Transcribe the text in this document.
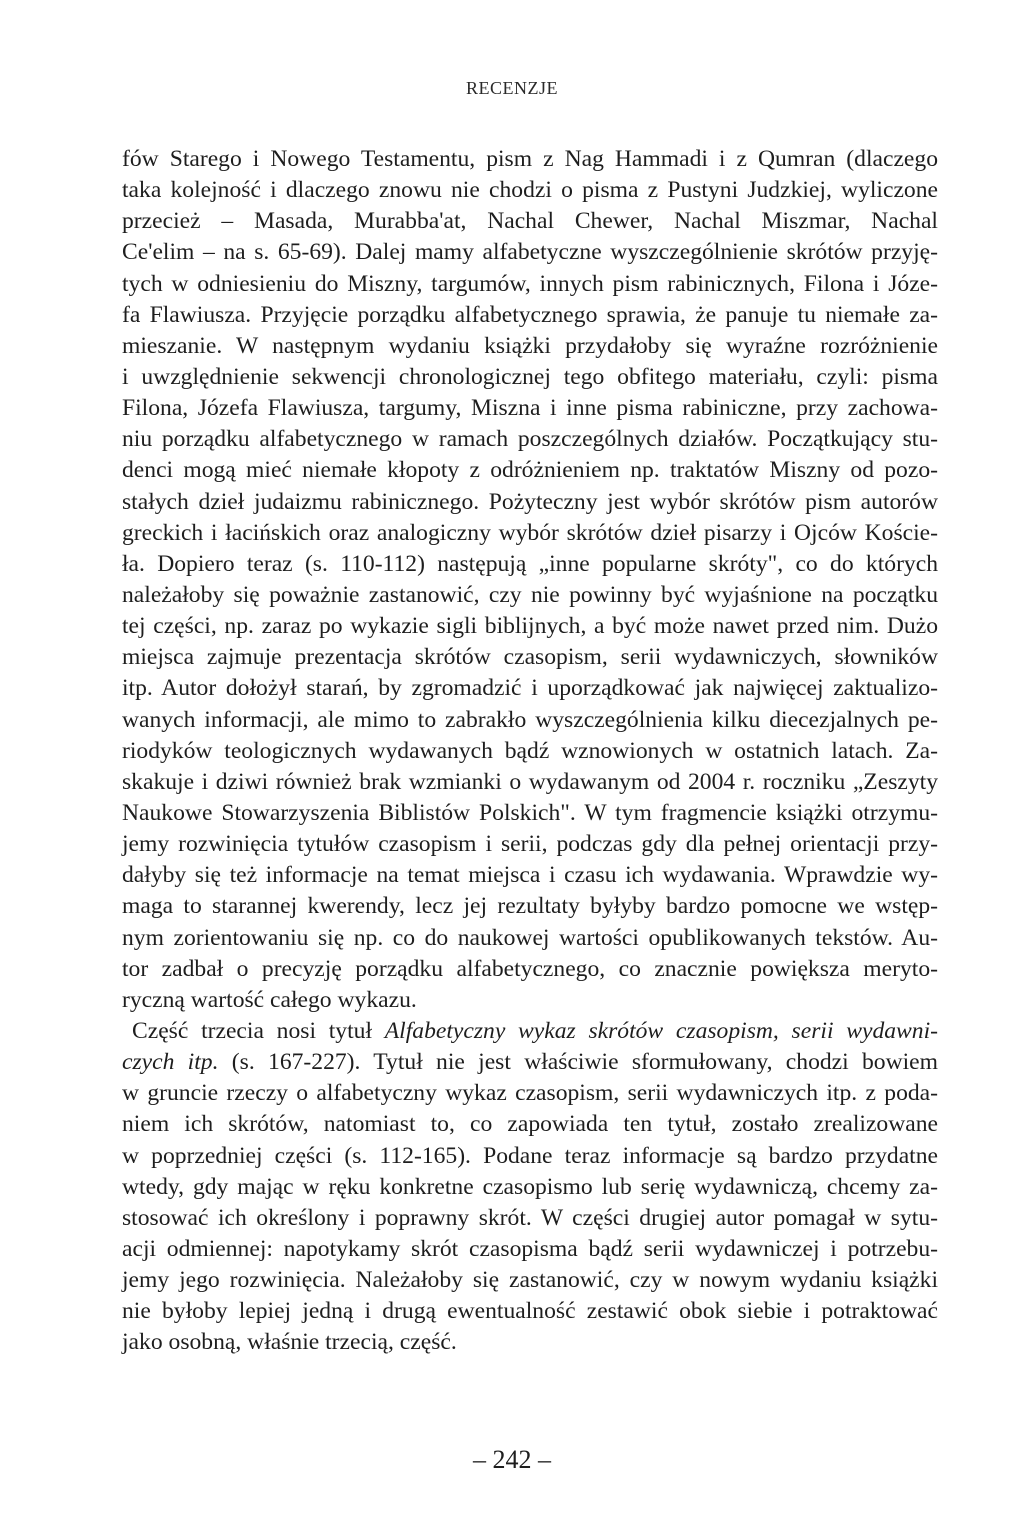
RECENZJE
fów Starego i Nowego Testamentu, pism z Nag Hammadi i z Qumran (dlaczego
taka kolejność i dlaczego znowu nie chodzi o pisma z Pustyni Judzkiej, wyliczone
przecież – Masada, Murabba'at, Nachal Chewer, Nachal Miszmar, Nachal
Ce'elim – na s. 65-69). Dalej mamy alfabetyczne wyszczególnienie skrótów przyję-
tych w odniesieniu do Miszny, targumów, innych pism rabinicznych, Filona i Józe-
fa Flawiusza. Przyjęcie porządku alfabetycznego sprawia, że panuje tu niemałe za-
mieszanie. W następnym wydaniu książki przydałoby się wyraźne rozróżnienie
i uwzględnienie sekwencji chronologicznej tego obfitego materiału, czyli: pisma
Filona, Józefa Flawiusza, targumy, Miszna i inne pisma rabiniczne, przy zachowa-
niu porządku alfabetycznego w ramach poszczególnych działów. Początkujący stu-
denci mogą mieć niemałe kłopoty z odróżnieniem np. traktatów Miszny od pozo-
stałych dzieł judaizmu rabinicznego. Pożyteczny jest wybór skrótów pism autorów
greckich i łacińskich oraz analogiczny wybór skrótów dzieł pisarzy i Ojców Koście-
ła. Dopiero teraz (s. 110-112) następują „inne popularne skróty", co do których
należałoby się poważnie zastanowić, czy nie powinny być wyjaśnione na początku
tej części, np. zaraz po wykazie sigli biblijnych, a być może nawet przed nim. Dużo
miejsca zajmuje prezentacja skrótów czasopism, serii wydawniczych, słowników
itp. Autor dołożył starań, by zgromadzić i uporządkować jak najwięcej zaktualizo-
wanych informacji, ale mimo to zabrakło wyszczególnienia kilku diecezjalnych pe-
riodyków teologicznych wydawanych bądź wznowionych w ostatnich latach. Za-
skakuje i dziwi również brak wzmianki o wydawanym od 2004 r. roczniku „Zeszyty
Naukowe Stowarzyszenia Biblistów Polskich". W tym fragmencie książki otrzymu-
jemy rozwinięcia tytułów czasopism i serii, podczas gdy dla pełnej orientacji przy-
dałyby się też informacje na temat miejsca i czasu ich wydawania. Wprawdzie wy-
maga to starannej kwerendy, lecz jej rezultaty byłyby bardzo pomocne we wstęp-
nym zorientowaniu się np. co do naukowej wartości opublikowanych tekstów. Au-
tor zadbał o precyzję porządku alfabetycznego, co znacznie powiększa meryto-
ryczną wartość całego wykazu.
Część trzecia nosi tytuł Alfabetyczny wykaz skrótów czasopism, serii wydawni-
czych itp. (s. 167-227). Tytuł nie jest właściwie sformułowany, chodzi bowiem
w gruncie rzeczy o alfabetyczny wykaz czasopism, serii wydawniczych itp. z poda-
niem ich skrótów, natomiast to, co zapowiada ten tytuł, zostało zrealizowane
w poprzedniej części (s. 112-165). Podane teraz informacje są bardzo przydatne
wtedy, gdy mając w ręku konkretne czasopismo lub serię wydawniczą, chcemy za-
stosować ich określony i poprawny skrót. W części drugiej autor pomagał w sytu-
acji odmiennej: napotykamy skrót czasopisma bądź serii wydawniczej i potrzebu-
jemy jego rozwinięcia. Należałoby się zastanowić, czy w nowym wydaniu książki
nie byłoby lepiej jedną i drugą ewentualność zestawić obok siebie i potraktować
jako osobną, właśnie trzecią, część.
– 242 –
